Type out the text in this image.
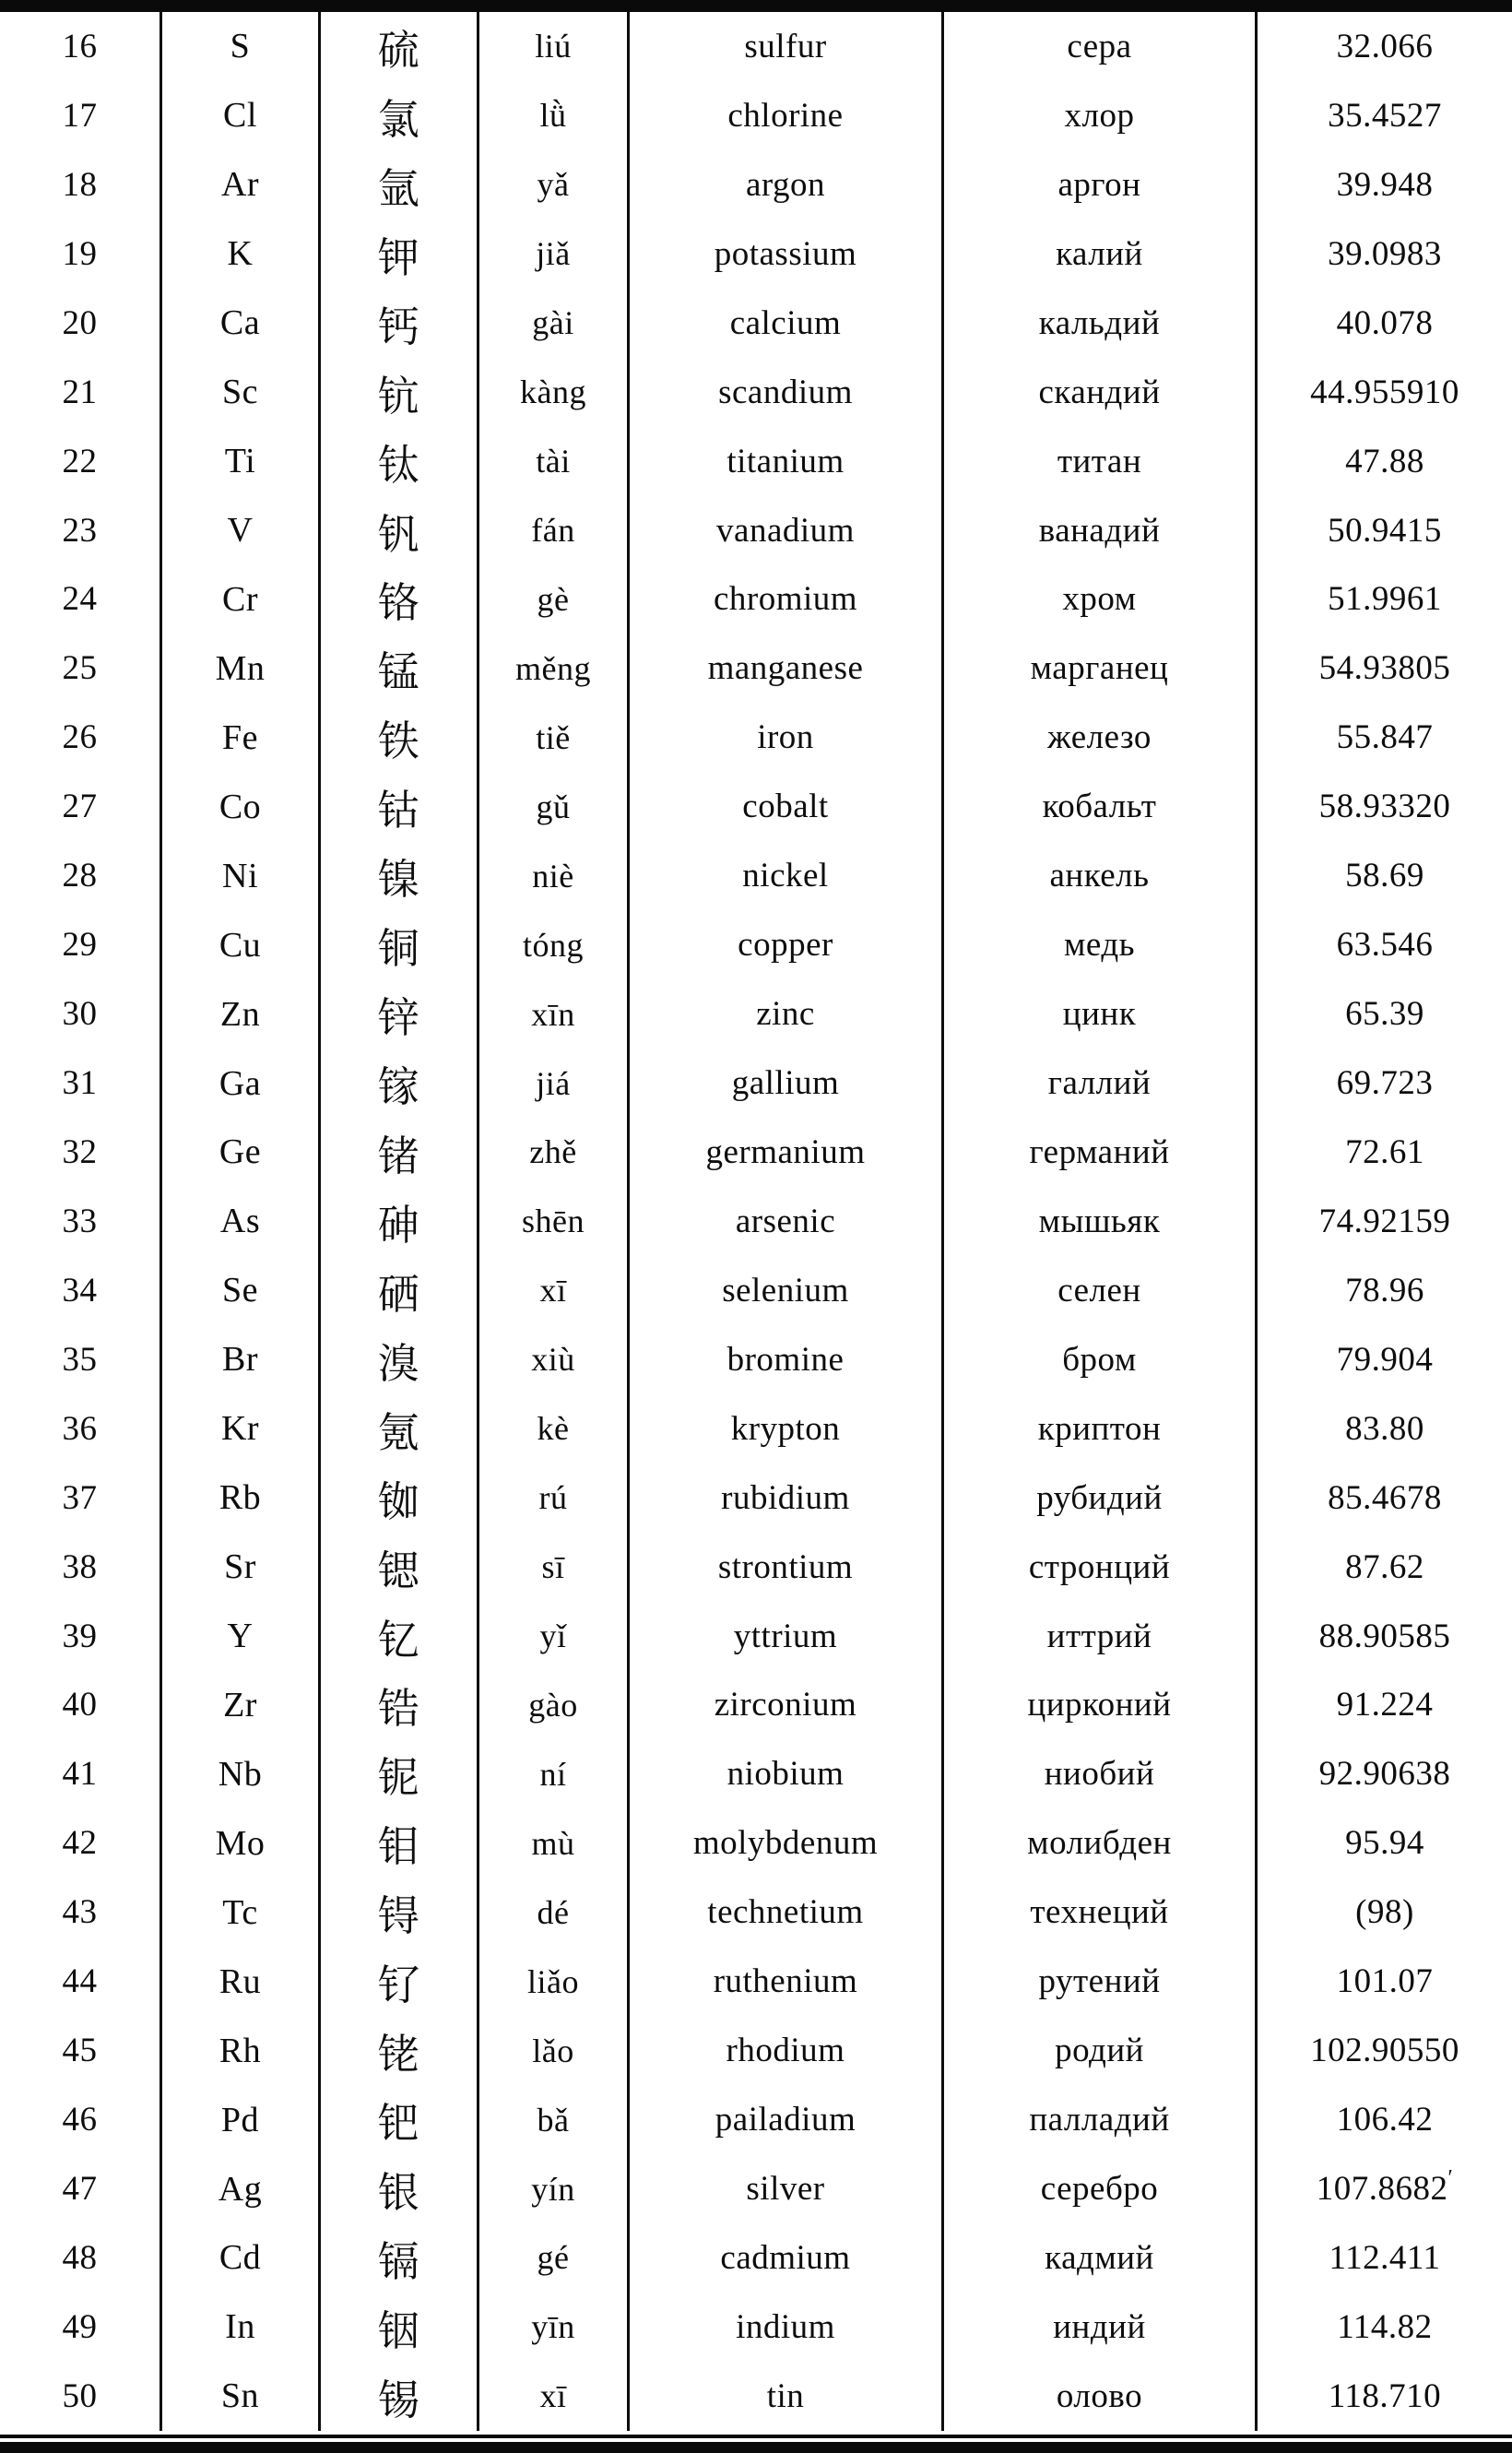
16	S	硫	liú	sulfur	сера	32.066
17	Cl	氯	lǜ	chlorine	хлор	35.4527
18	Ar	氩	yǎ	argon	аргон	39.948
19	K	钾	jiǎ	potassium	калий	39.0983
20	Ca	钙	gài	calcium	кальдий	40.078
21	Sc	钪	kàng	scandium	скандий	44.955910
22	Ti	钛	tài	titanium	титан	47.88
23	V	钒	fán	vanadium	ванадий	50.9415
24	Cr	铬	gè	chromium	хром	51.9961
25	Mn	锰	měng	manganese	марганец	54.93805
26	Fe	铁	tiě	iron	железо	55.847
27	Co	钴	gǔ	cobalt	кобальт	58.93320
28	Ni	镍	niè	nickel	анкель	58.69
29	Cu	铜	tóng	copper	медь	63.546
30	Zn	锌	xīn	zinc	цинк	65.39
31	Ga	镓	jiá	gallium	галлий	69.723
32	Ge	锗	zhě	germanium	германий	72.61
33	As	砷	shēn	arsenic	мышьяк	74.92159
34	Se	硒	xī	selenium	селен	78.96
35	Br	溴	xiù	bromine	бром	79.904
36	Kr	氪	kè	krypton	криптон	83.80
37	Rb	铷	rú	rubidium	рубидий	85.4678
38	Sr	锶	sī	strontium	стронций	87.62
39	Y	钇	yǐ	yttrium	иттрий	88.90585
40	Zr	锆	gào	zirconium	цирконий	91.224
41	Nb	铌	ní	niobium	ниобий	92.90638
42	Mo	钼	mù	molybdenum	молибден	95.94
43	Tc	锝	dé	technetium	технеций	(98)
44	Ru	钌	liǎo	ruthenium	рутений	101.07
45	Rh	铑	lǎo	rhodium	родий	102.90550
46	Pd	钯	bǎ	pailadium	палладий	106.42
47	Ag	银	yín	silver	серебро	107.8682 ′
48	Cd	镉	gé	cadmium	кадмий	112.411
49	In	铟	yīn	indium	индий	114.82
50	Sn	锡	xī	tin	олово	118.710
